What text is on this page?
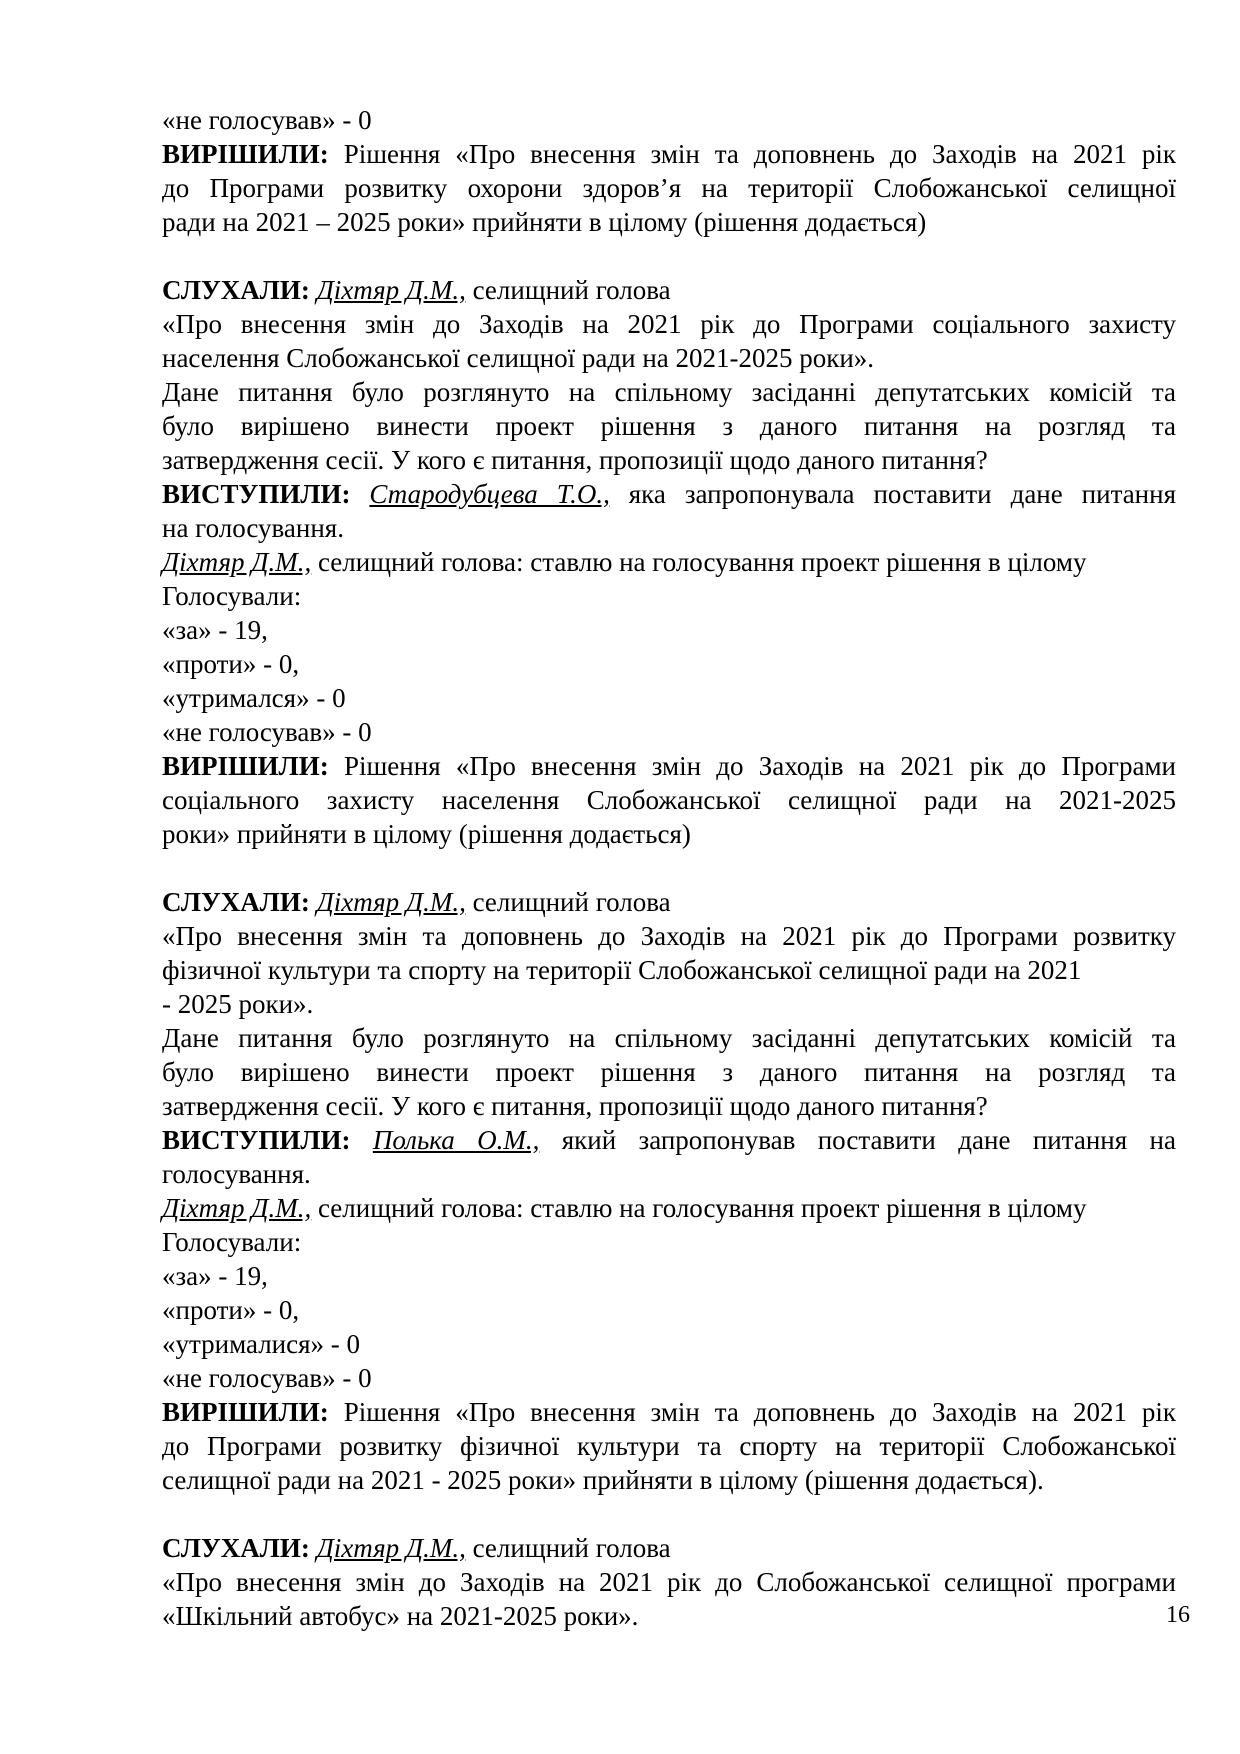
«не голосував» - 0
ВИРІШИЛИ: Рішення «Про внесення змін та доповнень до Заходів на 2021 рік
до Програми розвитку охорони здоров’я на території Слобожанської селищної
ради на 2021 – 2025 роки» прийняти в цілому (рішення додається)
СЛУХАЛИ: Діхтяр Д.М., селищний голова
«Про внесення змін до Заходів на 2021 рік до Програми соціального захисту
населення Слобожанської селищної ради на 2021-2025 роки».
Дане питання було розглянуто на спільному засіданні депутатських комісій та
було вирішено винести проект рішення з даного питання на розгляд та
затвердження сесії. У кого є питання, пропозиції щодо даного питання?
ВИСТУПИЛИ: Стародубцева Т.О., яка запропонувала поставити дане питання
на голосування.
Діхтяр Д.М., селищний голова: ставлю на голосування проект рішення в цілому
Голосували:
«за» - 19,
«проти» - 0,
«утримался» - 0
«не голосував» - 0
ВИРІШИЛИ: Рішення «Про внесення змін до Заходів на 2021 рік до Програми
соціального захисту населення Слобожанської селищної ради на 2021-2025
роки» прийняти в цілому (рішення додається)
СЛУХАЛИ: Діхтяр Д.М., селищний голова
«Про внесення змін та доповнень до Заходів на 2021 рік до Програми розвитку
фізичної культури та спорту на території Слобожанської селищної ради на 2021
- 2025 роки».
Дане питання було розглянуто на спільному засіданні депутатських комісій та
було вирішено винести проект рішення з даного питання на розгляд та
затвердження сесії. У кого є питання, пропозиції щодо даного питання?
ВИСТУПИЛИ: Полька О.М., який запропонував поставити дане питання на
голосування.
Діхтяр Д.М., селищний голова: ставлю на голосування проект рішення в цілому
Голосували:
«за» - 19,
«проти» - 0,
«утрималися» - 0
«не голосував» - 0
ВИРІШИЛИ: Рішення «Про внесення змін та доповнень до Заходів на 2021 рік
до Програми розвитку фізичної культури та спорту на території Слобожанської
селищної ради на 2021 - 2025 роки» прийняти в цілому (рішення додається).
СЛУХАЛИ: Діхтяр Д.М., селищний голова
«Про внесення змін до Заходів на 2021 рік до Слобожанської селищної програми
«Шкільний автобус» на 2021-2025 роки».	16
